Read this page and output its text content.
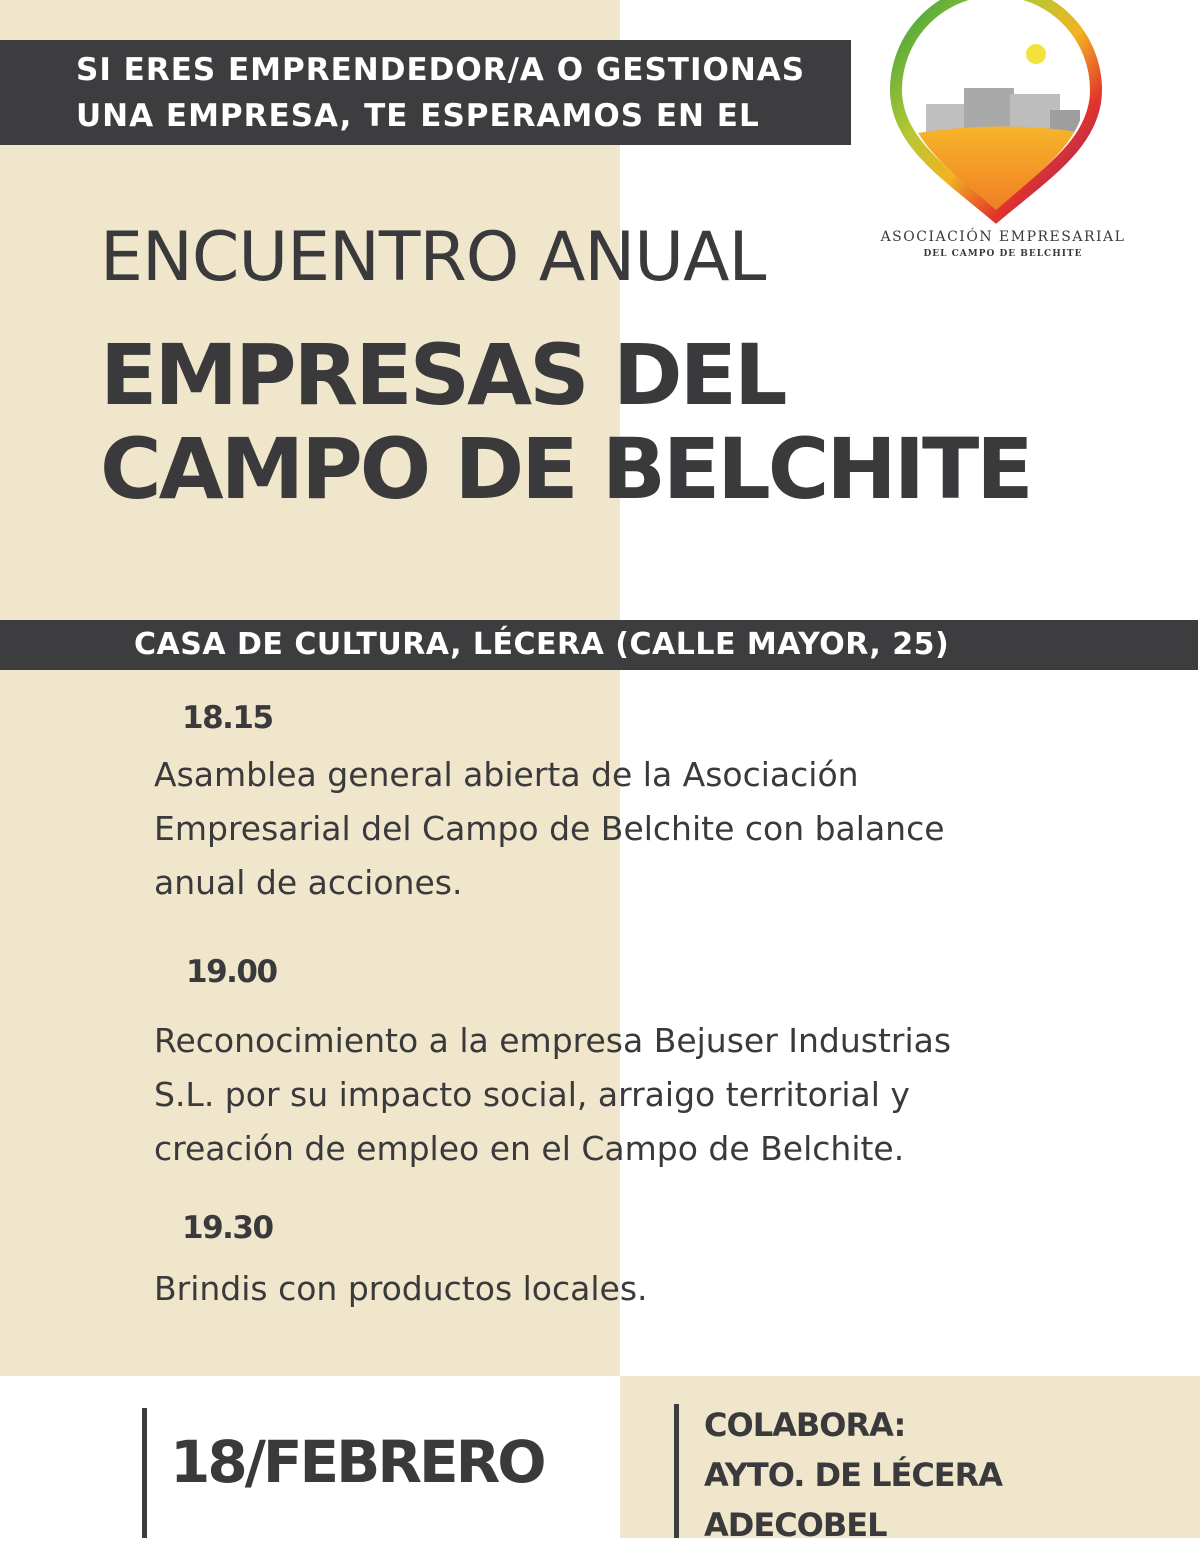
SI ERES EMPRENDEDOR/A O GESTIONAS
UNA EMPRESA, TE ESPERAMOS EN EL
ASOCIACIÓN EMPRESARIAL
DEL CAMPO DE BELCHITE
ENCUENTRO ANUAL
EMPRESAS DEL
CAMPO DE BELCHITE
CASA DE CULTURA, LÉCERA (CALLE MAYOR, 25)
18.15
Asamblea general abierta de la Asociación
Empresarial del Campo de Belchite con balance
anual de acciones.
19.00
Reconocimiento a la empresa Bejuser Industrias
S.L. por su impacto social, arraigo territorial y
creación de empleo en el Campo de Belchite.
19.30
Brindis con productos locales.
18/FEBRERO
COLABORA:
AYTO. DE LÉCERA
ADECOBEL
